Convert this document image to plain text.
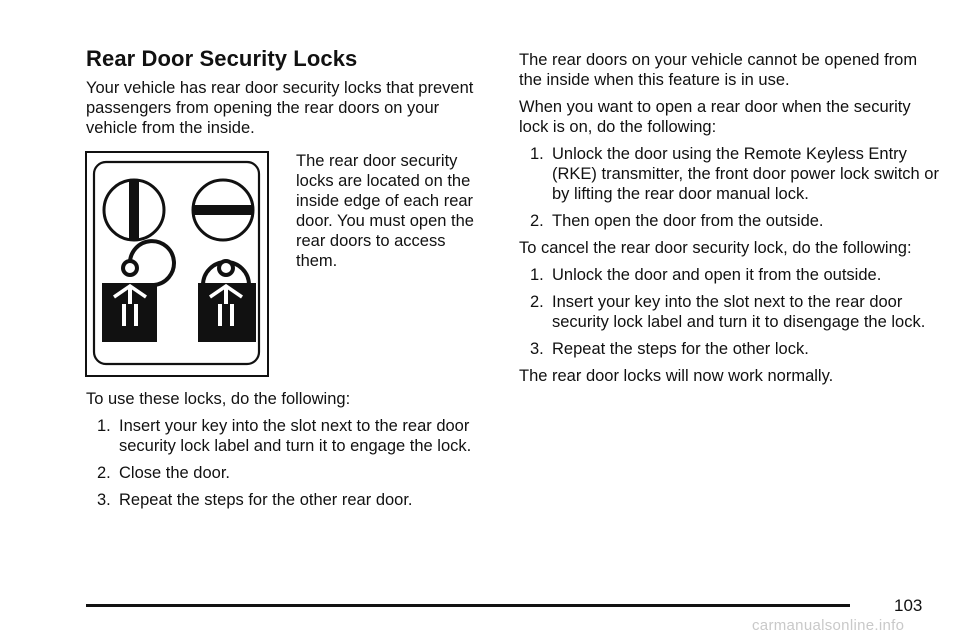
Rear Door Security Locks

Your vehicle has rear door security locks that prevent passengers from opening the rear doors on your vehicle from the inside.

The rear door security locks are located on the inside edge of each rear door. You must open the rear doors to access them.

To use these locks, do the following:

1. Insert your key into the slot next to the rear door security lock label and turn it to engage the lock.
2. Close the door.
3. Repeat the steps for the other rear door.

The rear doors on your vehicle cannot be opened from the inside when this feature is in use.

When you want to open a rear door when the security lock is on, do the following:

1. Unlock the door using the Remote Keyless Entry (RKE) transmitter, the front door power lock switch or by lifting the rear door manual lock.
2. Then open the door from the outside.

To cancel the rear door security lock, do the following:

1. Unlock the door and open it from the outside.
2. Insert your key into the slot next to the rear door security lock label and turn it to disengage the lock.
3. Repeat the steps for the other lock.

The rear door locks will now work normally.

103
carmanualsonline.info
